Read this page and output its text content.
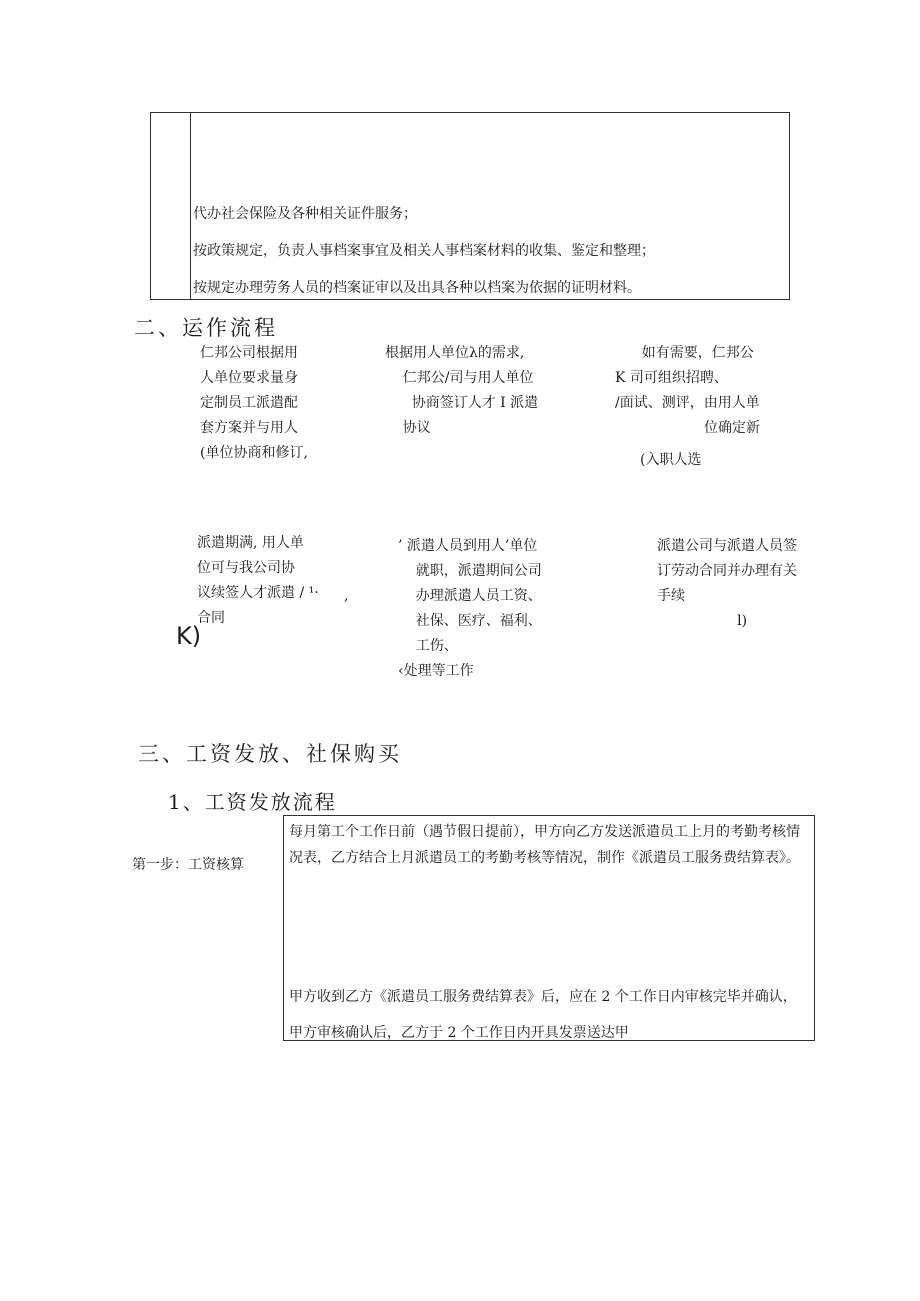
代办社会保险及各种相关证件服务；
按政策规定，负责人事档案事宜及相关人事档案材料的收集、鉴定和整理；
按规定办理劳务人员的档案证审以及出具各种以档案为依据的证明材料。
二、运作流程
仁邦公司根据用
人单位要求量身
定制员工派遣配
套方案并与用人
(单位协商和修订,
根据用人单位λ的需求,
仁邦公/司与用人单位
协商签订人才 I 派遣
协议
如有需要，仁邦公
K 司可组织招聘、
/面试、测评，由用人单
位确定新
(入职人选
派遣期满, 用人单
位可与我公司协
议续签人才派遣 / ¹·
合同
,
K)
’ 派遣人员到用人’单位
就职，派遣期间公司
办理派遣人员工资、
社保、医疗、福利、
工伤、
‹处理等工作
派遣公司与派遣人员签
订劳动合同并办理有关
手续
l)
三、工资发放、社保购买
1、工资发放流程
第一步：工资核算
每月第工个工作日前（遇节假日提前），甲方向乙方发送派遣员工上月的考勤考核情况表，乙方结合上月派遣员工的考勤考核等情况，制作《派遣员工服务费结算表》。
甲方收到乙方《派遣员工服务费结算表》后，应在 2 个工作日内审核完毕并确认，甲方审核确认后，乙方于 2 个工作日内开具发票送达甲
